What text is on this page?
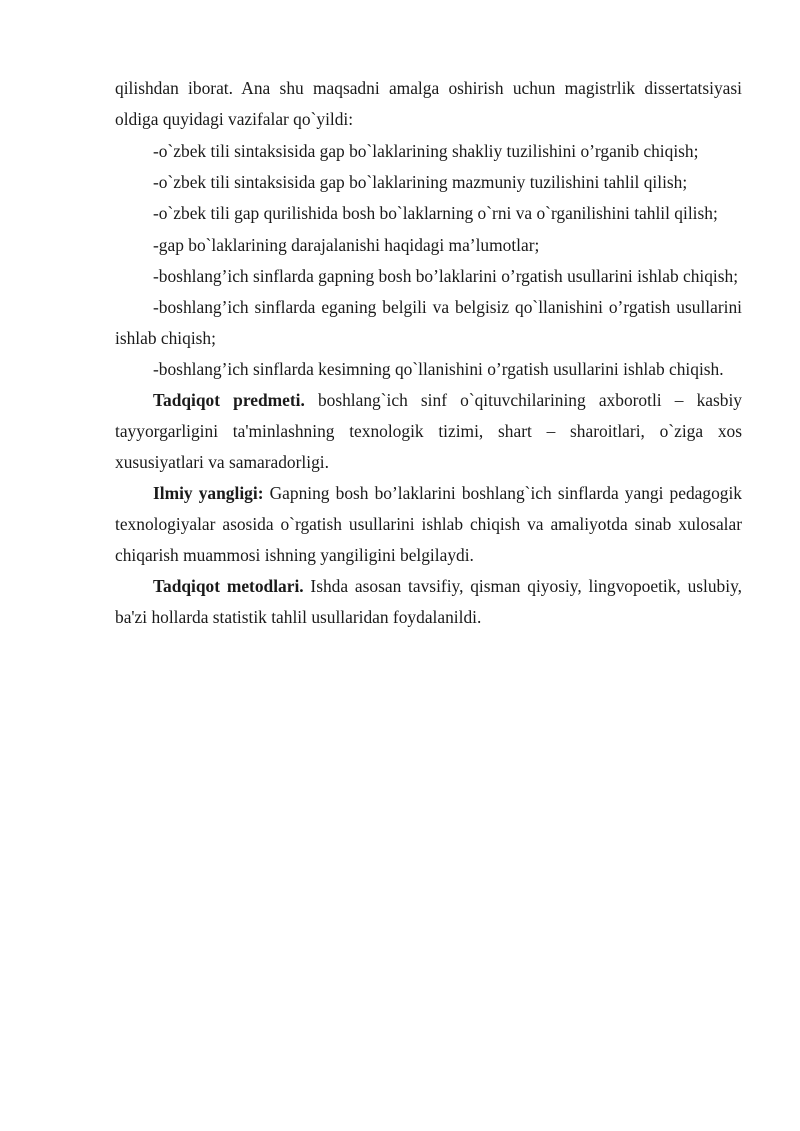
qilishdan iborat. Ana shu maqsadni amalga oshirish uchun magistrlik dissertatsiyasi oldiga quyidagi vazifalar qo`yildi:

-o`zbek tili sintaksisida gap bo`laklarining shakliy tuzilishini o’rganib chiqish;

-o`zbek tili sintaksisida gap bo`laklarining mazmuniy tuzilishini tahlil qilish;

-o`zbek tili gap qurilishida bosh bo`laklarning o`rni va o`rganilishini tahlil qilish;

-gap bo`laklarining darajalanishi haqidagi ma’lumotlar;

-boshlang’ich sinflarda gapning bosh bo’laklarini o’rgatish usullarini ishlab chiqish;

-boshlang’ich sinflarda eganing belgili va belgisiz qo`llanishini o’rgatish usullarini ishlab chiqish;

-boshlang’ich sinflarda kesimning qo`llanishini o’rgatish usullarini ishlab chiqish.

Tadqiqot predmeti. boshlang`ich sinf o`qituvchilarining axborotli – kasbiy tayyorgarligini ta'minlashning texnologik tizimi, shart – sharoitlari, o`ziga xos xususiyatlari va samaradorligi.

Ilmiy yangligi: Gapning bosh bo’laklarini boshlang`ich sinflarda yangi pedagogik texnologiyalar asosida o`rgatish usullarini ishlab chiqish va amaliyotda sinab xulosalar chiqarish muammosi ishning yangiligini belgilaydi.

Tadqiqot metodlari. Ishda asosan tavsifiy, qisman qiyosiy, lingvopoetik, uslubiy, ba'zi hollarda statistik tahlil usullaridan foydalanildi.
